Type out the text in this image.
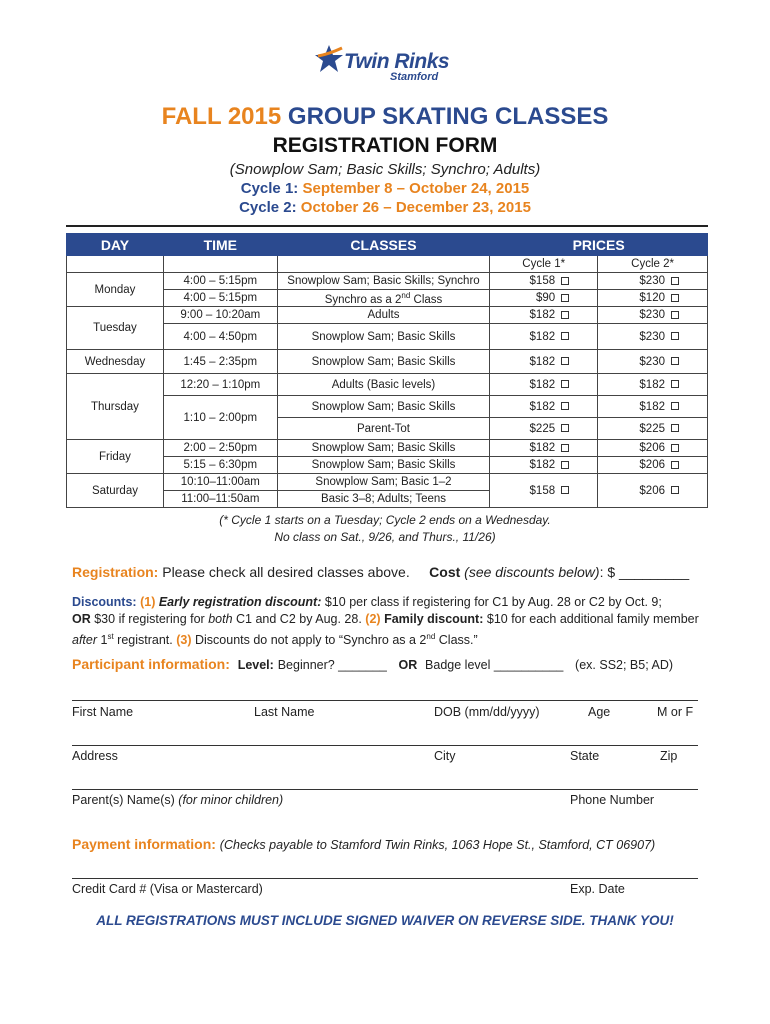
Twin Rinks
Stamford
FALL 2015 GROUP SKATING CLASSES
REGISTRATION FORM
(Snowplow Sam; Basic Skills; Synchro; Adults)
Cycle 1: September 8 – October 24, 2015
Cycle 2: October 26 – December 23, 2015
DAY	TIME	CLASSES	PRICES	
			Cycle 1*	Cycle 2*
Monday	4:00 – 5:15pm	Snowplow Sam; Basic Skills; Synchro	$158	$230
	4:00 – 5:15pm	Synchro as a 2nd Class	$90	$120
Tuesday	9:00 – 10:20am	Adults	$182	$230
	4:00 – 4:50pm	Snowplow Sam; Basic Skills	$182	$230
Wednesday	1:45 – 2:35pm	Snowplow Sam; Basic Skills	$182	$230
Thursday	12:20 – 1:10pm	Adults (Basic levels)	$182	$182
	1:10 – 2:00pm	Snowplow Sam; Basic Skills	$182	$182
		Parent-Tot	$225	$225
Friday	2:00 – 2:50pm	Snowplow Sam; Basic Skills	$182	$206
	5:15 – 6:30pm	Snowplow Sam; Basic Skills	$182	$206
Saturday	10:10–11:00am	Snowplow Sam; Basic 1–2	$158	$206
	11:00–11:50am	Basic 3–8; Adults; Teens		
(* Cycle 1 starts on a Tuesday; Cycle 2 ends on a Wednesday.
No class on Sat., 9/26, and Thurs., 11/26)
Registration: Please check all desired classes above. Cost (see discounts below): $ _________
Discounts: (1) Early registration discount: $10 per class if registering for C1 by Aug. 28 or C2 by Oct. 9;
OR $30 if registering for both C1 and C2 by Aug. 28. (2) Family discount: $10 for each additional family member after 1st registrant. (3) Discounts do not apply to “Synchro as a 2nd Class.”
Participant information: Level: Beginner? _______ OR Badge level __________ (ex. SS2; B5; AD)
First Name	Last Name	DOB (mm/dd/yyyy)	Age	M or F
Address	City	State	Zip
Parent(s) Name(s) (for minor children)	Phone Number
Payment information: (Checks payable to Stamford Twin Rinks, 1063 Hope St., Stamford, CT 06907)
Credit Card # (Visa or Mastercard)	Exp. Date
ALL REGISTRATIONS MUST INCLUDE SIGNED WAIVER ON REVERSE SIDE. THANK YOU!
